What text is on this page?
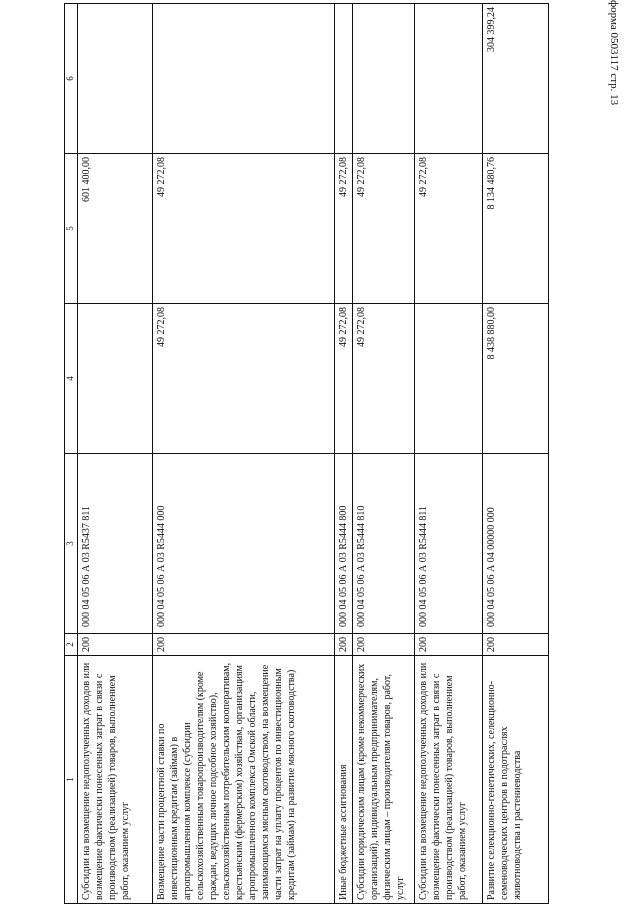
форма 0503117 стр. 13
1	2	3	4	5	6
Субсидии на возмещение недополученных доходов или возмещение фактически понесенных затрат в связи с производством (реализацией) товаров, выполнением работ, оказанием услуг	200	000 04 05 06 А 03 R5437 811		601 400,00	
Возмещение части процентной ставки по инвестиционным кредитам (займам) в агропромышленном комплексе (субсидии сельскохозяйственным товаропроизводителям (кроме граждан, ведущих личное подсобное хозяйство), сельскохозяйственным потребительским кооперативам, крестьянским (фермерским) хозяйствам, организациям агропромышленного комплекса Омской области, занимающимся мясным скотоводством, на возмещение части затрат на уплату процентов по инвестиционным кредитам (займам) на развитие мясного скотоводства)	200	000 04 05 06 А 03 R5444 000	49 272,08	49 272,08	
Иные бюджетные ассигнования	200	000 04 05 06 А 03 R5444 800	49 272,08	49 272,08	
Субсидии юридическим лицам (кроме некоммерческих организаций), индивидуальным предпринимателям, физическим лицам – производителям товаров, работ, услуг	200	000 04 05 06 А 03 R5444 810	49 272,08	49 272,08	
Субсидии на возмещение недополученных доходов или возмещение фактически понесенных затрат в связи с производством (реализацией) товаров, выполнением работ, оказанием услуг	200	000 04 05 06 А 03 R5444 811		49 272,08	
Развитие селекционно-генетических, селекционно-семеноводческих центров в подотраслях животноводства и растениеводства	200	000 04 05 06 А 04 00000 000	8 438 880,00	8 134 480,76	304 399,24
